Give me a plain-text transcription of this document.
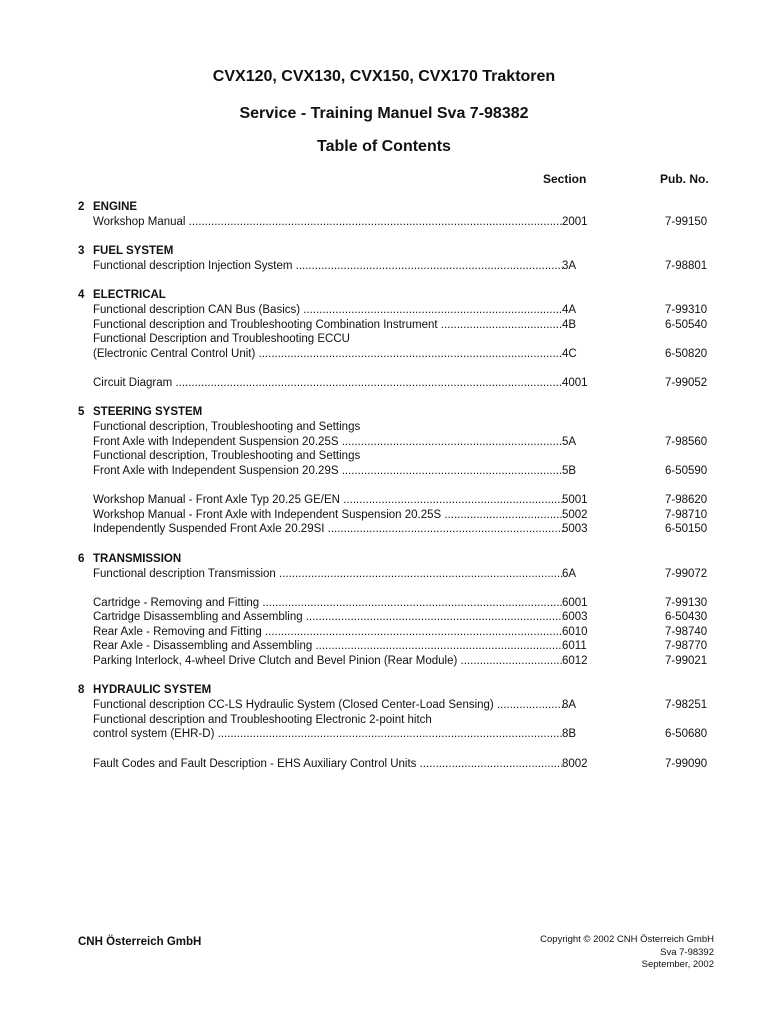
CVX120, CVX130, CVX150, CVX170 Traktoren
Service - Training Manuel Sva 7-98382
Table of Contents
Section	Pub. No.
2 ENGINE
Workshop Manual .....	2001	7-99150
3 FUEL SYSTEM
Functional description Injection System .....	3A	7-98801
4 ELECTRICAL
Functional description CAN Bus (Basics) .....	4A	7-99310
Functional description and Troubleshooting Combination Instrument .....	4B	6-50540
Functional Description and Troubleshooting ECCU
(Electronic Central Control Unit) .....	4C	6-50820
Circuit Diagram .....	4001	7-99052
5 STEERING SYSTEM
Functional description, Troubleshooting and Settings
Front Axle with Independent Suspension 20.25S .....	5A	7-98560
Functional description, Troubleshooting and Settings
Front Axle with Independent Suspension 20.29S .....	5B	6-50590
Workshop Manual - Front Axle Typ 20.25 GE/EN .....	5001	7-98620
Workshop Manual - Front Axle with Independent Suspension 20.25S .....	5002	7-98710
Independently Suspended Front Axle 20.29SI .....	5003	6-50150
6 TRANSMISSION
Functional description Transmission .....	6A	7-99072
Cartridge - Removing and Fitting .....	6001	7-99130
Cartridge Disassembling and Assembling .....	6003	6-50430
Rear Axle - Removing and Fitting .....	6010	7-98740
Rear Axle - Disassembling and Assembling .....	6011	7-98770
Parking Interlock, 4-wheel Drive Clutch and Bevel Pinion (Rear Module) .....	6012	7-99021
8 HYDRAULIC SYSTEM
Functional description CC-LS Hydraulic System (Closed Center-Load Sensing) .....	8A	7-98251
Functional description and Troubleshooting Electronic 2-point hitch
control system (EHR-D) .....	8B	6-50680
Fault Codes and Fault Description - EHS Auxiliary Control Units .....	8002	7-99090
CNH Österreich GmbH	Copyright © 2002 CNH Österreich GmbH
Sva 7-98392
September, 2002
